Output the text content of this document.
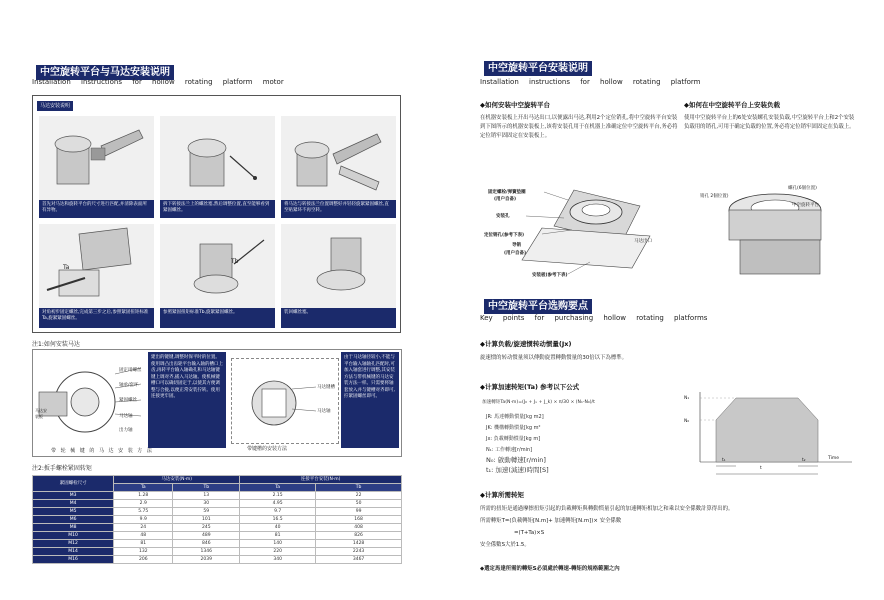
中空旋转平台与马达安装说明
Installation instructions for hollow rotating platform motor
马达安装说明
首先对马达和旋转平台的尺寸进行匹配,并清除表面所有异物。
拆下转接法兰上的螺丝塞,然后调整位置,直至能够看到紧固螺丝。
将马达与转接法兰位置调整好并轻轻旋紧紧固螺丝,直至贴紧环不再空转。
Ta
Tb
对角初步固定螺丝,完成第三步之后,参照紧固扭矩标准Ta,旋紧紧固螺丝。
参照紧固扭矩标准Tb,旋紧紧固螺丝。	装回螺丝塞。
注1:如何安装马达
固定用螺丝
轴承/套环
紧固螺丝
马达轴
出力轴
马达安装板
带 轮 械 键 的 马 达 安 装 方 法
建出的键键,调整时保平时的位置。使用调凸出齿轮平台输入轴的槽口上齿,再转平台输入轴确孔和马达轴键键上调对齐,插入马达轴。使机械键槽口可以确切固定于,以使其方便调整与合拢,以便正常安装拧转。使用连接更牢固。
马达键槽
马达轴
带键槽的安装方法
由于马达轴径较小,不能与平台输入轴轴孔匹配时,可加入轴套进行调整,其安装方法与带机械键的马达安装方法一样。只需要将轴套放入并与键槽对齐即可,拧紧固螺丝即可。
注2:扳手螺栓紧固转矩
紧固螺栓尺寸	马达安装(N·m)		连接平台安装(N·m)	
	Ta	Tb	Ta	Tb
M3	1.28	13	2.15	22
M4	2.9	30	4.95	50
M5	5.75	59	9.7	99
M6	9.9	101	16.5	168
M8	24	245	40	408
M10	48	489	81	826
M12	81	846	140	1428
M14	132	1346	220	2243
M16	206	2039	340	3467
中空旋转平台安装说明
Installation instructions for hollow rotating platform
◆如何安装中空旋转平台
在机器安装板上开出马达出口,以便露出马达,利用2个定位销孔,将中空旋转平台安装到下图所示的机器安装板上,该将安装孔用于在机器上准确定位中空旋转平台,务必将定位销牢固固定在安装板上。
◆如何在中空旋转平台上安装负载
使用中空旋转平台上的6处安装螺孔安装负载,中空旋转平台上和2个安装负载用的销孔,可用于确定负载的位置,务必将定位销牢固固定在负载上。
固定螺栓/弹簧垫圈
(用户自备)
安装孔
定位销孔(参考下表)
导销
(用户自备)
安装板(参考下表)
马达出口
螺孔(6個位置)
销孔 2個位置)
中空旋转平台
中空旋转平台选购要点
Key points for purchasing hollow rotating platforms
◆计算负载/旋速惯转动惯量(Jx)
旋速惯的转动惯量须以傳動旋置轉動惯量的30倍以下為標準。
◆计算加速转矩(Ta) 参考以下公式
加速轉矩Ta(N·m)=(J₀ + Jₓ + J_k) × π/30 × (N₁-N₀)/t
JR: 馬達轉動慣量[kg m2]
JK: 機構轉動慣量[kg m²
Jx: 負載轉動慣量[kg m]
N₁: 工作轉速[r/min]
N₀: 啟動轉速[r/min]
t₁: 加速(減速)時間[S]
N₁
N₀
t₁	t₂
t
Time
◆计算所需转矩
所需的扭矩是通過摩擦扭矩引起的負載轉矩與轉動慣量引起的加速轉矩相加之和乘以安全係數計算得出的。
所需轉矩T=(負載轉矩[N.m]+ 加速轉矩[N.m])× 安全係數
=(T+Ta)×S
安全係數S大於1.5。
◆選定馬達所需的轉矩S必須處於轉速-轉矩的規格範圍之內
